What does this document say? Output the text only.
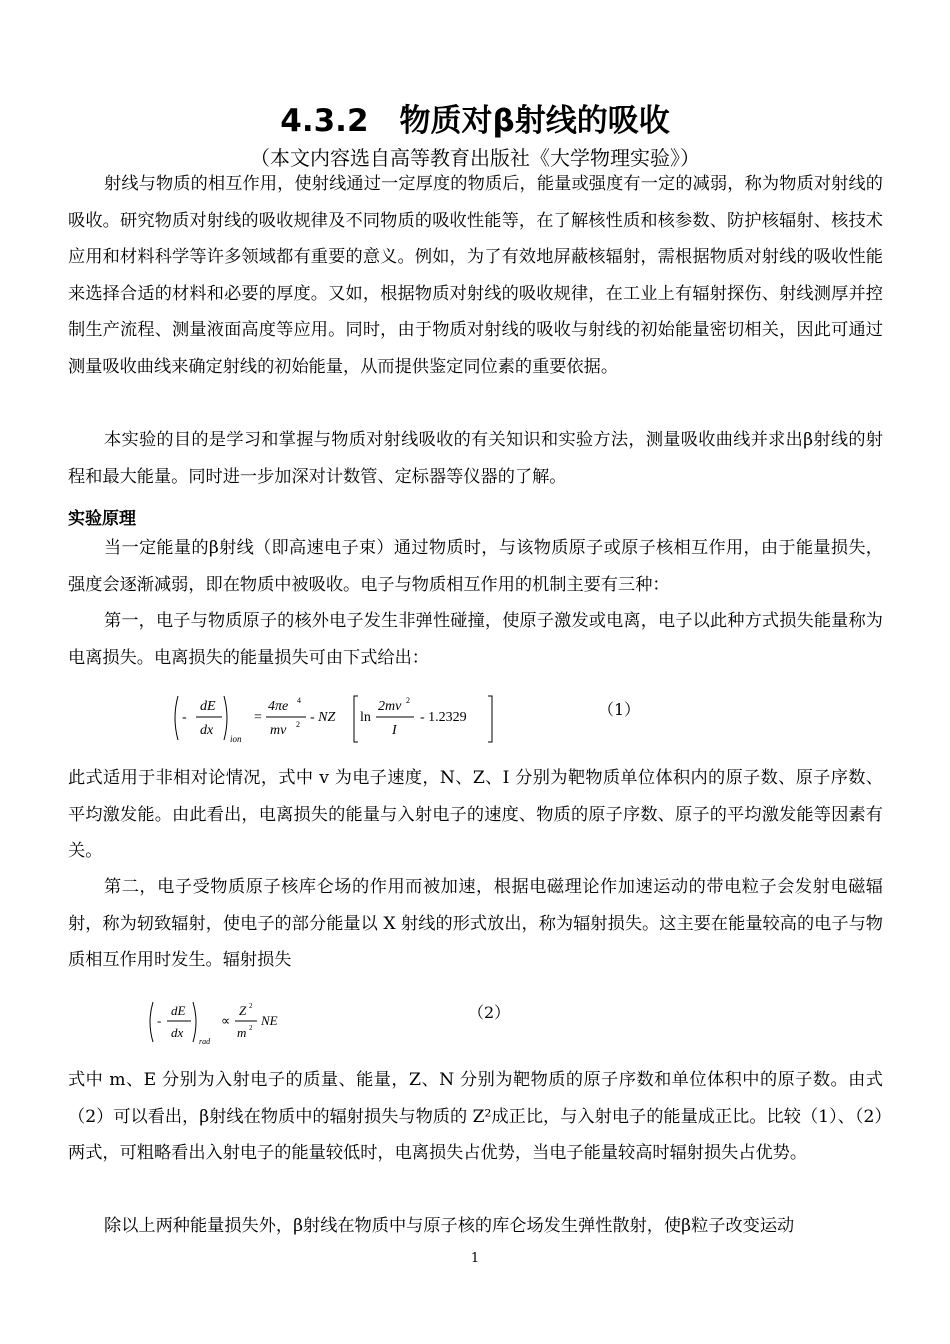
4.3.2　物质对β射线的吸收
（本文内容选自高等教育出版社《大学物理实验》）

射线与物质的相互作用，使射线通过一定厚度的物质后，能量或强度有一定的减弱，称为物质对射线的吸收。研究物质对射线的吸收规律及不同物质的吸收性能等，在了解核性质和核参数、防护核辐射、核技术应用和材料科学等许多领域都有重要的意义。例如，为了有效地屏蔽核辐射，需根据物质对射线的吸收性能来选择合适的材料和必要的厚度。又如，根据物质对射线的吸收规律，在工业上有辐射探伤、射线测厚并控制生产流程、测量液面高度等应用。同时，由于物质对射线的吸收与射线的初始能量密切相关，因此可通过测量吸收曲线来确定射线的初始能量，从而提供鉴定同位素的重要依据。

本实验的目的是学习和掌握与物质对射线吸收的有关知识和实验方法，测量吸收曲线并求出β射线的射程和最大能量。同时进一步加深对计数管、定标器等仪器的了解。

实验原理

当一定能量的β射线（即高速电子束）通过物质时，与该物质原子或原子核相互作用，由于能量损失，强度会逐渐减弱，即在物质中被吸收。电子与物质相互作用的机制主要有三种：

第一，电子与物质原子的核外电子发生非弹性碰撞，使原子激发或电离，电子以此种方式损失能量称为电离损失。电离损失的能量损失可由下式给出：

-
dE
dx
ion
=
4πe 4
mv 2 - NZ ln
2mv 2
I
- 1.2329	（1）

此式适用于非相对论情况，式中 v 为电子速度，N、Z、I 分别为靶物质单位体积内的原子数、原子序数、平均激发能。由此看出，电离损失的能量与入射电子的速度、物质的原子序数、原子的平均激发能等因素有关。

第二，电子受物质原子核库仑场的作用而被加速，根据电磁理论作加速运动的带电粒子会发射电磁辐射，称为轫致辐射，使电子的部分能量以 X 射线的形式放出，称为辐射损失。这主要在能量较高的电子与物质相互作用时发生。辐射损失

-
dE
dx
rad
∝
Z 2
m 2 NE	（2）

式中 m、E 分别为入射电子的质量、能量，Z、N 分别为靶物质的原子序数和单位体积中的原子数。由式（2）可以看出，β射线在物质中的辐射损失与物质的 Z²成正比，与入射电子的能量成正比。比较（1）、（2）两式，可粗略看出入射电子的能量较低时，电离损失占优势，当电子能量较高时辐射损失占优势。

除以上两种能量损失外，β射线在物质中与原子核的库仑场发生弹性散射，使β粒子改变运动

1
